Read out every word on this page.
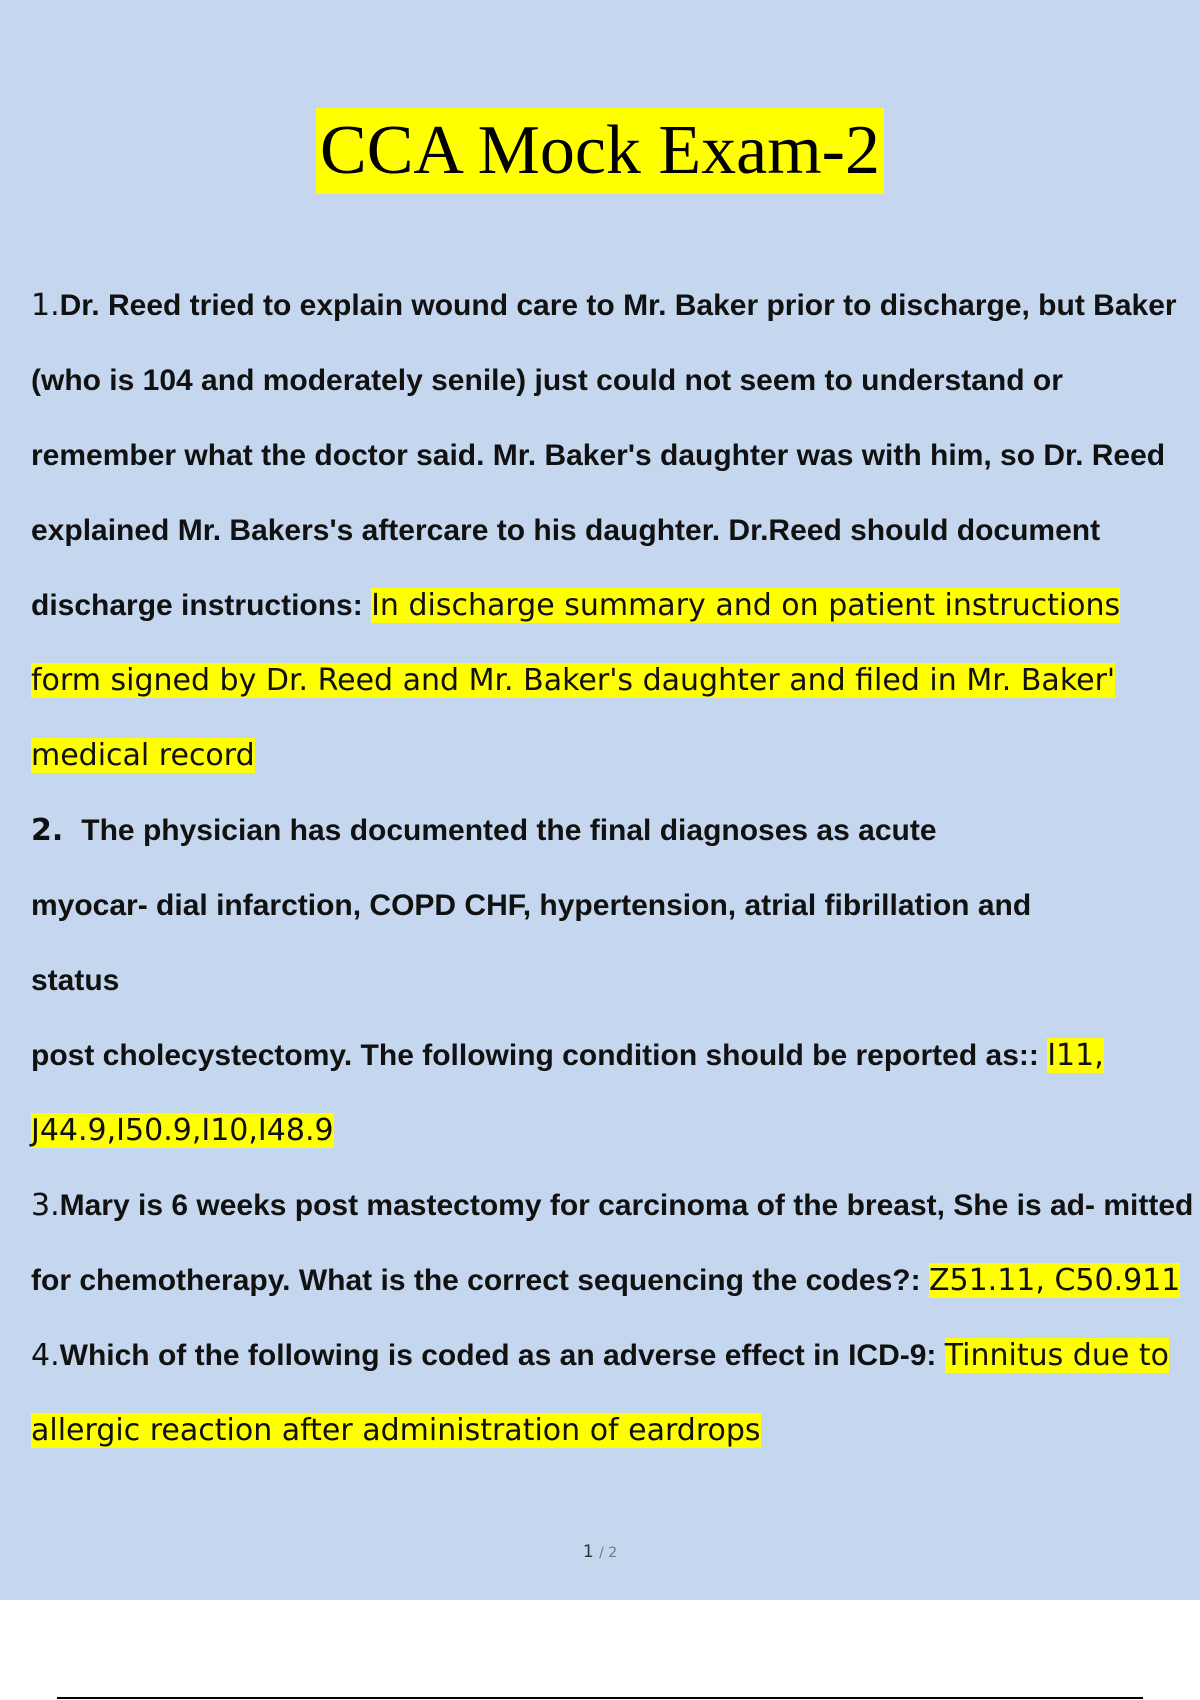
CCA Mock Exam-2

1.Dr. Reed tried to explain wound care to Mr. Baker prior to discharge, but Baker (who is 104 and moderately senile) just could not seem to understand or remember what the doctor said. Mr. Baker's daughter was with him, so Dr. Reed explained Mr. Bakers's aftercare to his daughter. Dr.Reed should document discharge instructions: In discharge summary and on patient instructions form signed by Dr. Reed and Mr. Baker's daughter and filed in Mr. Baker' medical record

2. The physician has documented the final diagnoses as acute

myocar- dial infarction, COPD CHF, hypertension, atrial fibrillation and

status

post cholecystectomy. The following condition should be reported as:: I11, J44.9,I50.9,I10,I48.9

3.Mary is 6 weeks post mastectomy for carcinoma of the breast, She is ad- mitted for chemotherapy. What is the correct sequencing the codes?: Z51.11, C50.911

4.Which of the following is coded as an adverse effect in ICD-9: Tinnitus due to allergic reaction after administration of eardrops

1 / 2
